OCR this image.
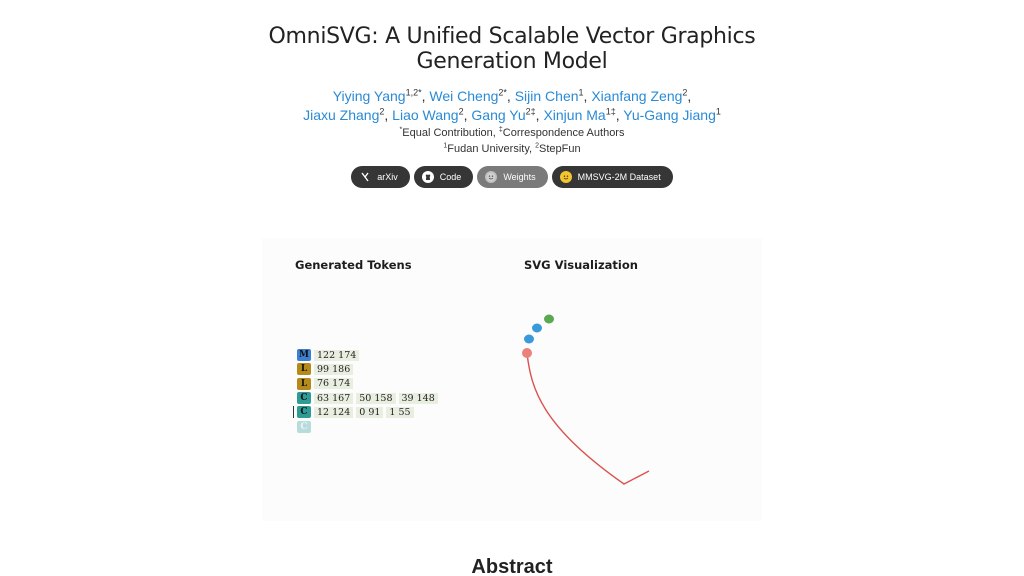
OmniSVG: A Unified Scalable Vector Graphics
Generation Model
Yiying Yang$^{1,2*}$, Wei Cheng$^{2*}$, Sijin Chen$^1$, Xianfang Zeng$^2$,
Jiaxu Zhang$^2$, Liao Wang$^2$, Gang $Yu^{2\ddagger}$, Xinjun $Ma^{1\ddagger}$, Yu-Gang Jiang$^1$
*Equal Contribution, ‡Correspondence Authors
$^1$Fudan University, $^2$StepFun
arXiv	Code	Weights	MMSVG-2M Dataset
Generated Tokens	SVG Visualization
M 122 174
L	99 186
L	76 174
C 63 167 50 158 39 148
C 12 124 0 91 1 55
C
Abstract
